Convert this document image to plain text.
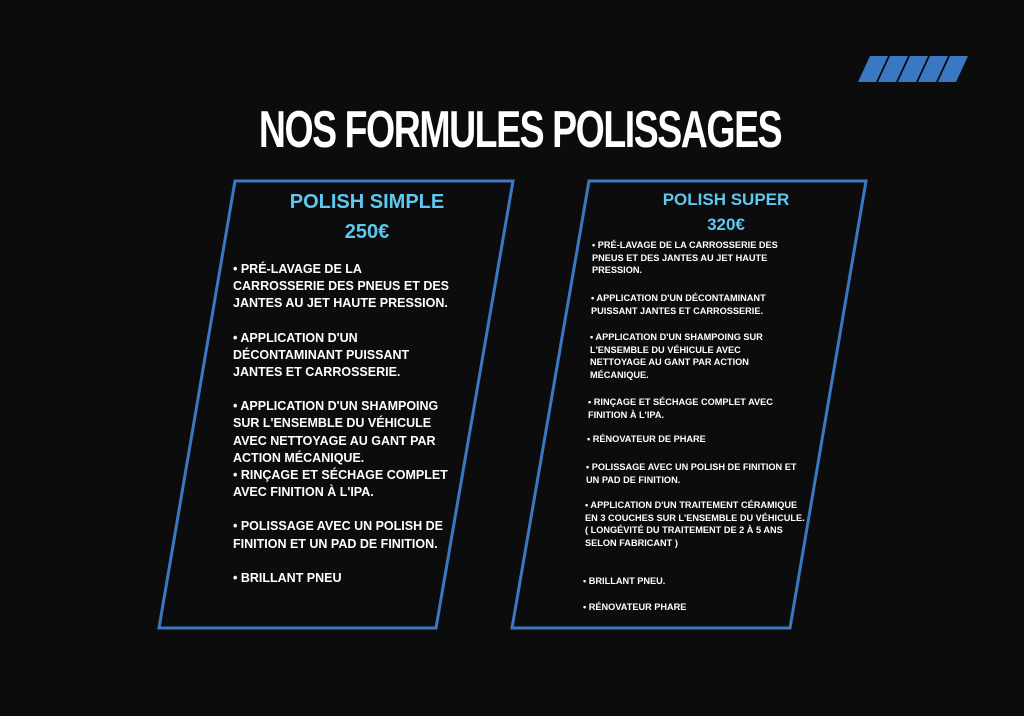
NOS FORMULES POLISSAGES
POLISH SIMPLE
250€
• PRÉ-LAVAGE DE LA CARROSSERIE DES PNEUS ET DES JANTES AU JET HAUTE PRESSION.
• APPLICATION D'UN DÉCONTAMINANT PUISSANT JANTES ET CARROSSERIE.
• APPLICATION D'UN SHAMPOING SUR L'ENSEMBLE DU VÉHICULE AVEC NETTOYAGE AU GANT PAR ACTION MÉCANIQUE.
• RINÇAGE ET SÉCHAGE COMPLET AVEC FINITION À L'IPA.
• POLISSAGE AVEC UN POLISH DE FINITION ET UN PAD DE FINITION.
• BRILLANT PNEU
POLISH SUPER
320€

• PRÉ-LAVAGE DE LA CARROSSERIE DES PNEUS ET DES JANTES AU JET HAUTE PRESSION.

• APPLICATION D'UN DÉCONTAMINANT PUISSANT JANTES ET CARROSSERIE.

• APPLICATION D'UN SHAMPOING SUR L'ENSEMBLE DU VÉHICULE AVEC NETTOYAGE AU GANT PAR ACTION MÉCANIQUE.

• RINÇAGE ET SÉCHAGE COMPLET AVEC FINITION À L'IPA.

• RÉNOVATEUR DE PHARE

• POLISSAGE AVEC UN POLISH DE FINITION ET UN PAD DE FINITION.

• APPLICATION D'UN TRAITEMENT CÉRAMIQUE EN 3 COUCHES SUR L'ENSEMBLE DU VÉHICULE. ( LONGÉVITÉ DU TRAITEMENT DE 2 À 5 ANS SELON FABRICANT )

• BRILLANT PNEU.

• RÉNOVATEUR PHARE
